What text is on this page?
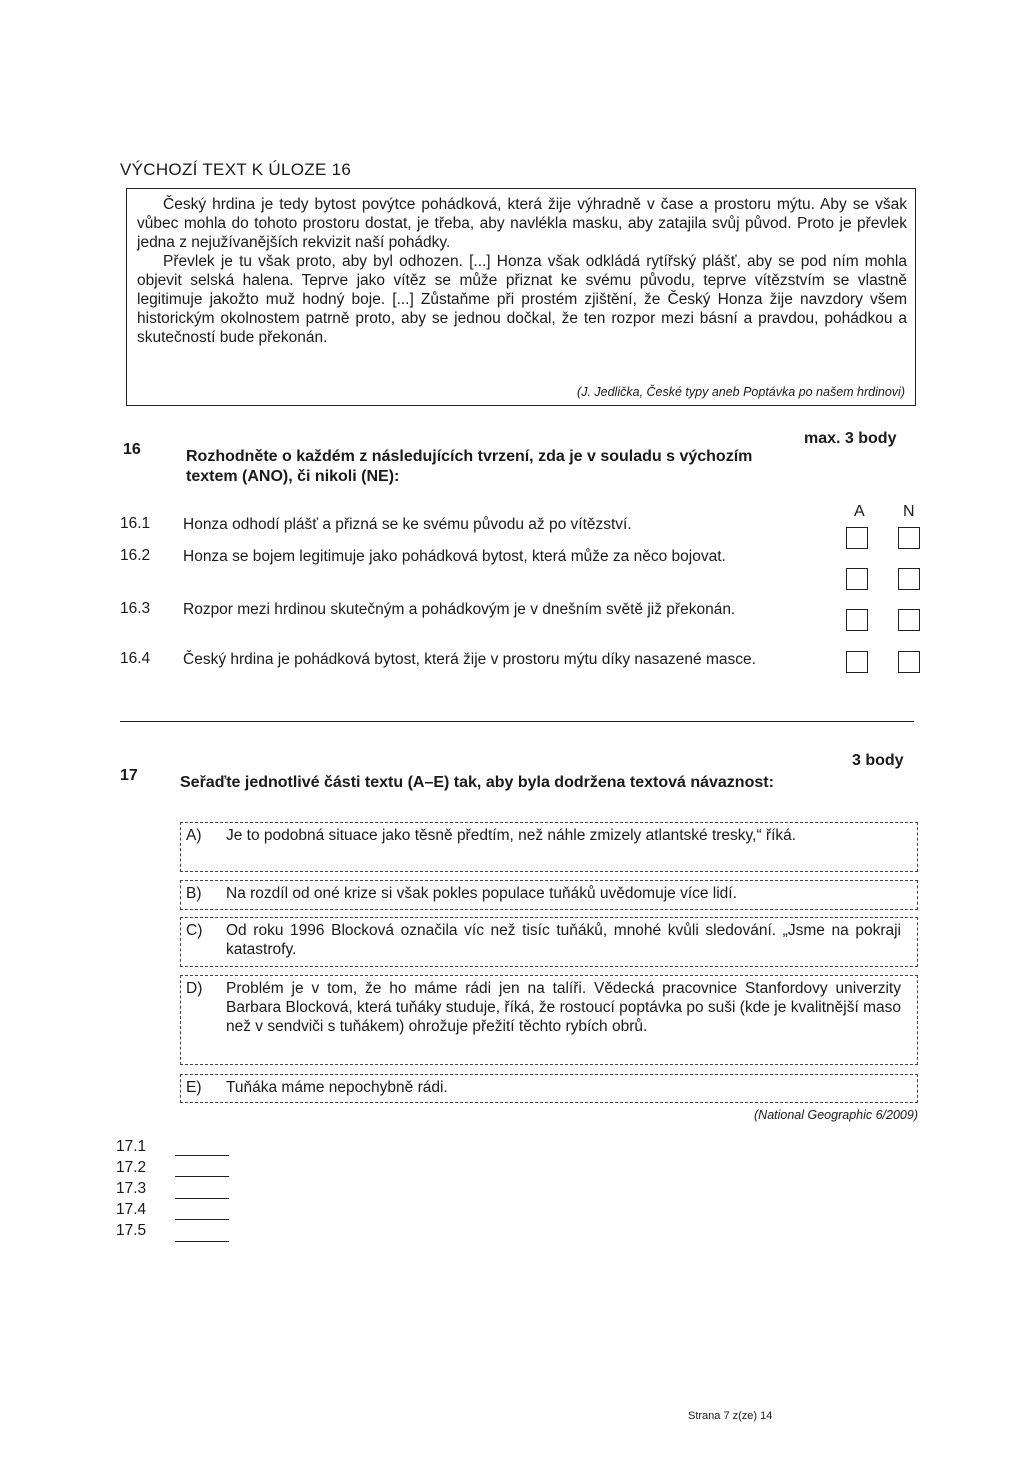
VÝCHOZÍ TEXT K ÚLOZE 16

Český hrdina je tedy bytost povýtce pohádková, která žije výhradně v čase a prostoru mýtu. Aby se však vůbec mohla do tohoto prostoru dostat, je třeba, aby navlékla masku, aby zatajila svůj původ. Proto je převlek jedna z nejužívanějších rekvizit naší pohádky.

Převlek je tu však proto, aby byl odhozen. [...] Honza však odkládá rytířský plášť, aby se pod ním mohla objevit selská halena. Teprve jako vítěz se může přiznat ke svému původu, teprve vítězstvím se vlastně legitimuje jakožto muž hodný boje. [...] Zůstaňme při prostém zjištění, že Český Honza žije navzdory všem historickým okolnostem patrně proto, aby se jednou dočkal, že ten rozpor mezi básní a pravdou, pohádkou a skutečností bude překonán.

(J. Jedlička, České typy aneb Poptávka po našem hrdinovi)
16	Rozhodněte o každém z následujících tvrzení, zda je v souladu s výchozím textem (ANO), či nikoli (NE):
max. 3 body
A N
16.1 Honza odhodí plášť a přizná se ke svému původu až po vítězství.
16.2 Honza se bojem legitimuje jako pohádková bytost, která může za něco bojovat.
16.3 Rozpor mezi hrdinou skutečným a pohádkovým je v dnešním světě již překonán.
16.4 Český hrdina je pohádková bytost, která žije v prostoru mýtu díky nasazené masce.
3 body
17	Seřaďte jednotlivé části textu (A–E) tak, aby byla dodržena textová návaznost:
A) Je to podobná situace jako těsně předtím, než náhle zmizely atlantské tresky,“ říká.
B) Na rozdíl od oné krize si však pokles populace tuňáků uvědomuje více lidí.
C) Od roku 1996 Blocková označila víc než tisíc tuňáků, mnohé kvůli sledování. „Jsme na pokraji katastrofy.
D) Problém je v tom, že ho máme rádi jen na talíři. Vědecká pracovnice Stanfordovy univerzity Barbara Blocková, která tuňáky studuje, říká, že rostoucí poptávka po suši (kde je kvalitnější maso než v sendviči s tuňákem) ohrožuje přežití těchto rybích obrů.
E) Tuňáka máme nepochybně rádi.
(National Geographic 6/2009)
17.1
17.2
17.3
17.4
17.5
Strana 7 z(ze) 14
